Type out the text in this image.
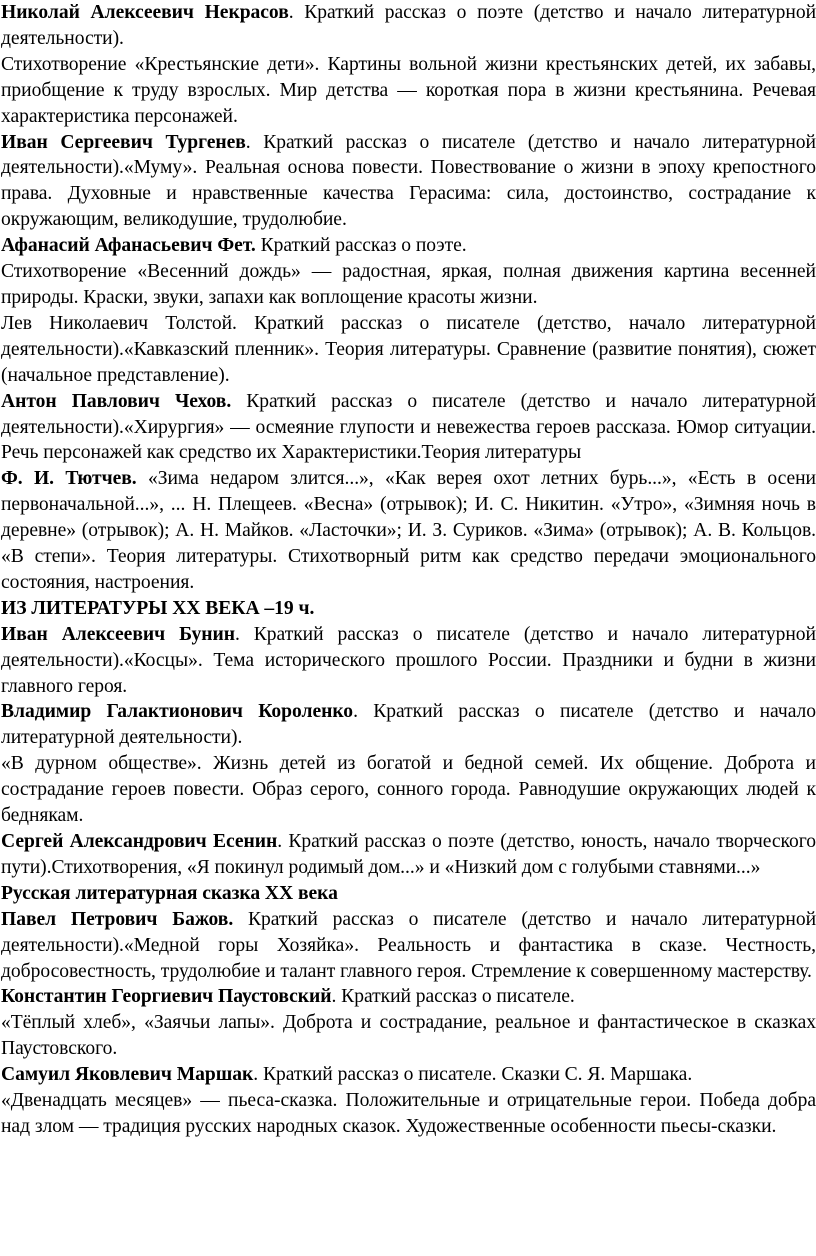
Николай Алексеевич Некрасов. Краткий рассказ о поэте (детство и начало литературной деятельности).

Стихотворение «Крестьянские дети». Картины вольной жизни крестьянских детей, их забавы, приобщение к труду взрослых. Мир детства — короткая пора в жизни крестьянина. Речевая характеристика персонажей.

Иван Сергеевич Тургенев. Краткий рассказ о писателе (детство и начало литературной деятельности).«Муму». Реальная основа повести. Повествование о жизни в эпоху крепостного права. Духовные и нравственные качества Герасима: сила, достоинство, сострадание к окружающим, великодушие, трудолюбие.

Афанасий Афанасьевич Фет. Краткий рассказ о поэте.

Стихотворение «Весенний дождь» — радостная, яркая, полная движения картина весенней природы. Краски, звуки, запахи как воплощение красоты жизни.

Лев Николаевич Толстой. Краткий рассказ о писателе (детство, начало литературной деятельности).«Кавказский пленник». Теория литературы. Сравнение (развитие понятия), сюжет (начальное представление).

Антон Павлович Чехов. Краткий рассказ о писателе (детство и начало литературной деятельности).«Хирургия» — осмеяние глупости и невежества героев рассказа. Юмор ситуации. Речь персонажей как средство их Характеристики.Теория литературы

Ф. И. Тютчев. «Зима недаром злится...», «Как верея охот летних бурь...», «Есть в осени первоначальной...», ... Н. Плещеев. «Весна» (отрывок); И. С. Никитин. «Утро», «Зимняя ночь в деревне» (отрывок); А. Н. Майков. «Ласточки»; И. З. Суриков. «Зима» (отрывок); А. В. Кольцов. «В степи». Теория литературы. Стихотворный ритм как средство передачи эмоционального состояния, настроения.

ИЗ ЛИТЕРАТУРЫ XX ВЕКА –19 ч.

Иван Алексеевич Бунин. Краткий рассказ о писателе (детство и начало литературной деятельности).«Косцы». Тема исторического прошлого России. Праздники и будни в жизни главного героя.

Владимир Галактионович Короленко. Краткий рассказ о писателе (детство и начало литературной деятельности).

«В дурном обществе». Жизнь детей из богатой и бедной семей. Их общение. Доброта и сострадание героев повести. Образ серого, сонного города. Равнодушие окружающих людей к беднякам.

Сергей Александрович Есенин. Краткий рассказ о поэте (детство, юность, начало творческого пути).Стихотворения, «Я покинул родимый дом...» и «Низкий дом с голубыми ставнями...»

Русская литературная сказка XX века

Павел Петрович Бажов. Краткий рассказ о писателе (детство и начало литературной деятельности).«Медной горы Хозяйка». Реальность и фантастика в сказе. Честность, добросовестность, трудолюбие и талант главного героя. Стремление к совершенному мастерству.

Константин Георгиевич Паустовский. Краткий рассказ о писателе.

«Тёплый хлеб», «Заячьи лапы». Доброта и сострадание, реальное и фантастическое в сказках Паустовского.

Самуил Яковлевич Маршак. Краткий рассказ о писателе. Сказки С. Я. Маршака.

«Двенадцать месяцев» — пьеса-сказка. Положительные и отрицательные герои. Победа добра над злом — традиция русских народных сказок. Художественные особенности пьесы-сказки.
